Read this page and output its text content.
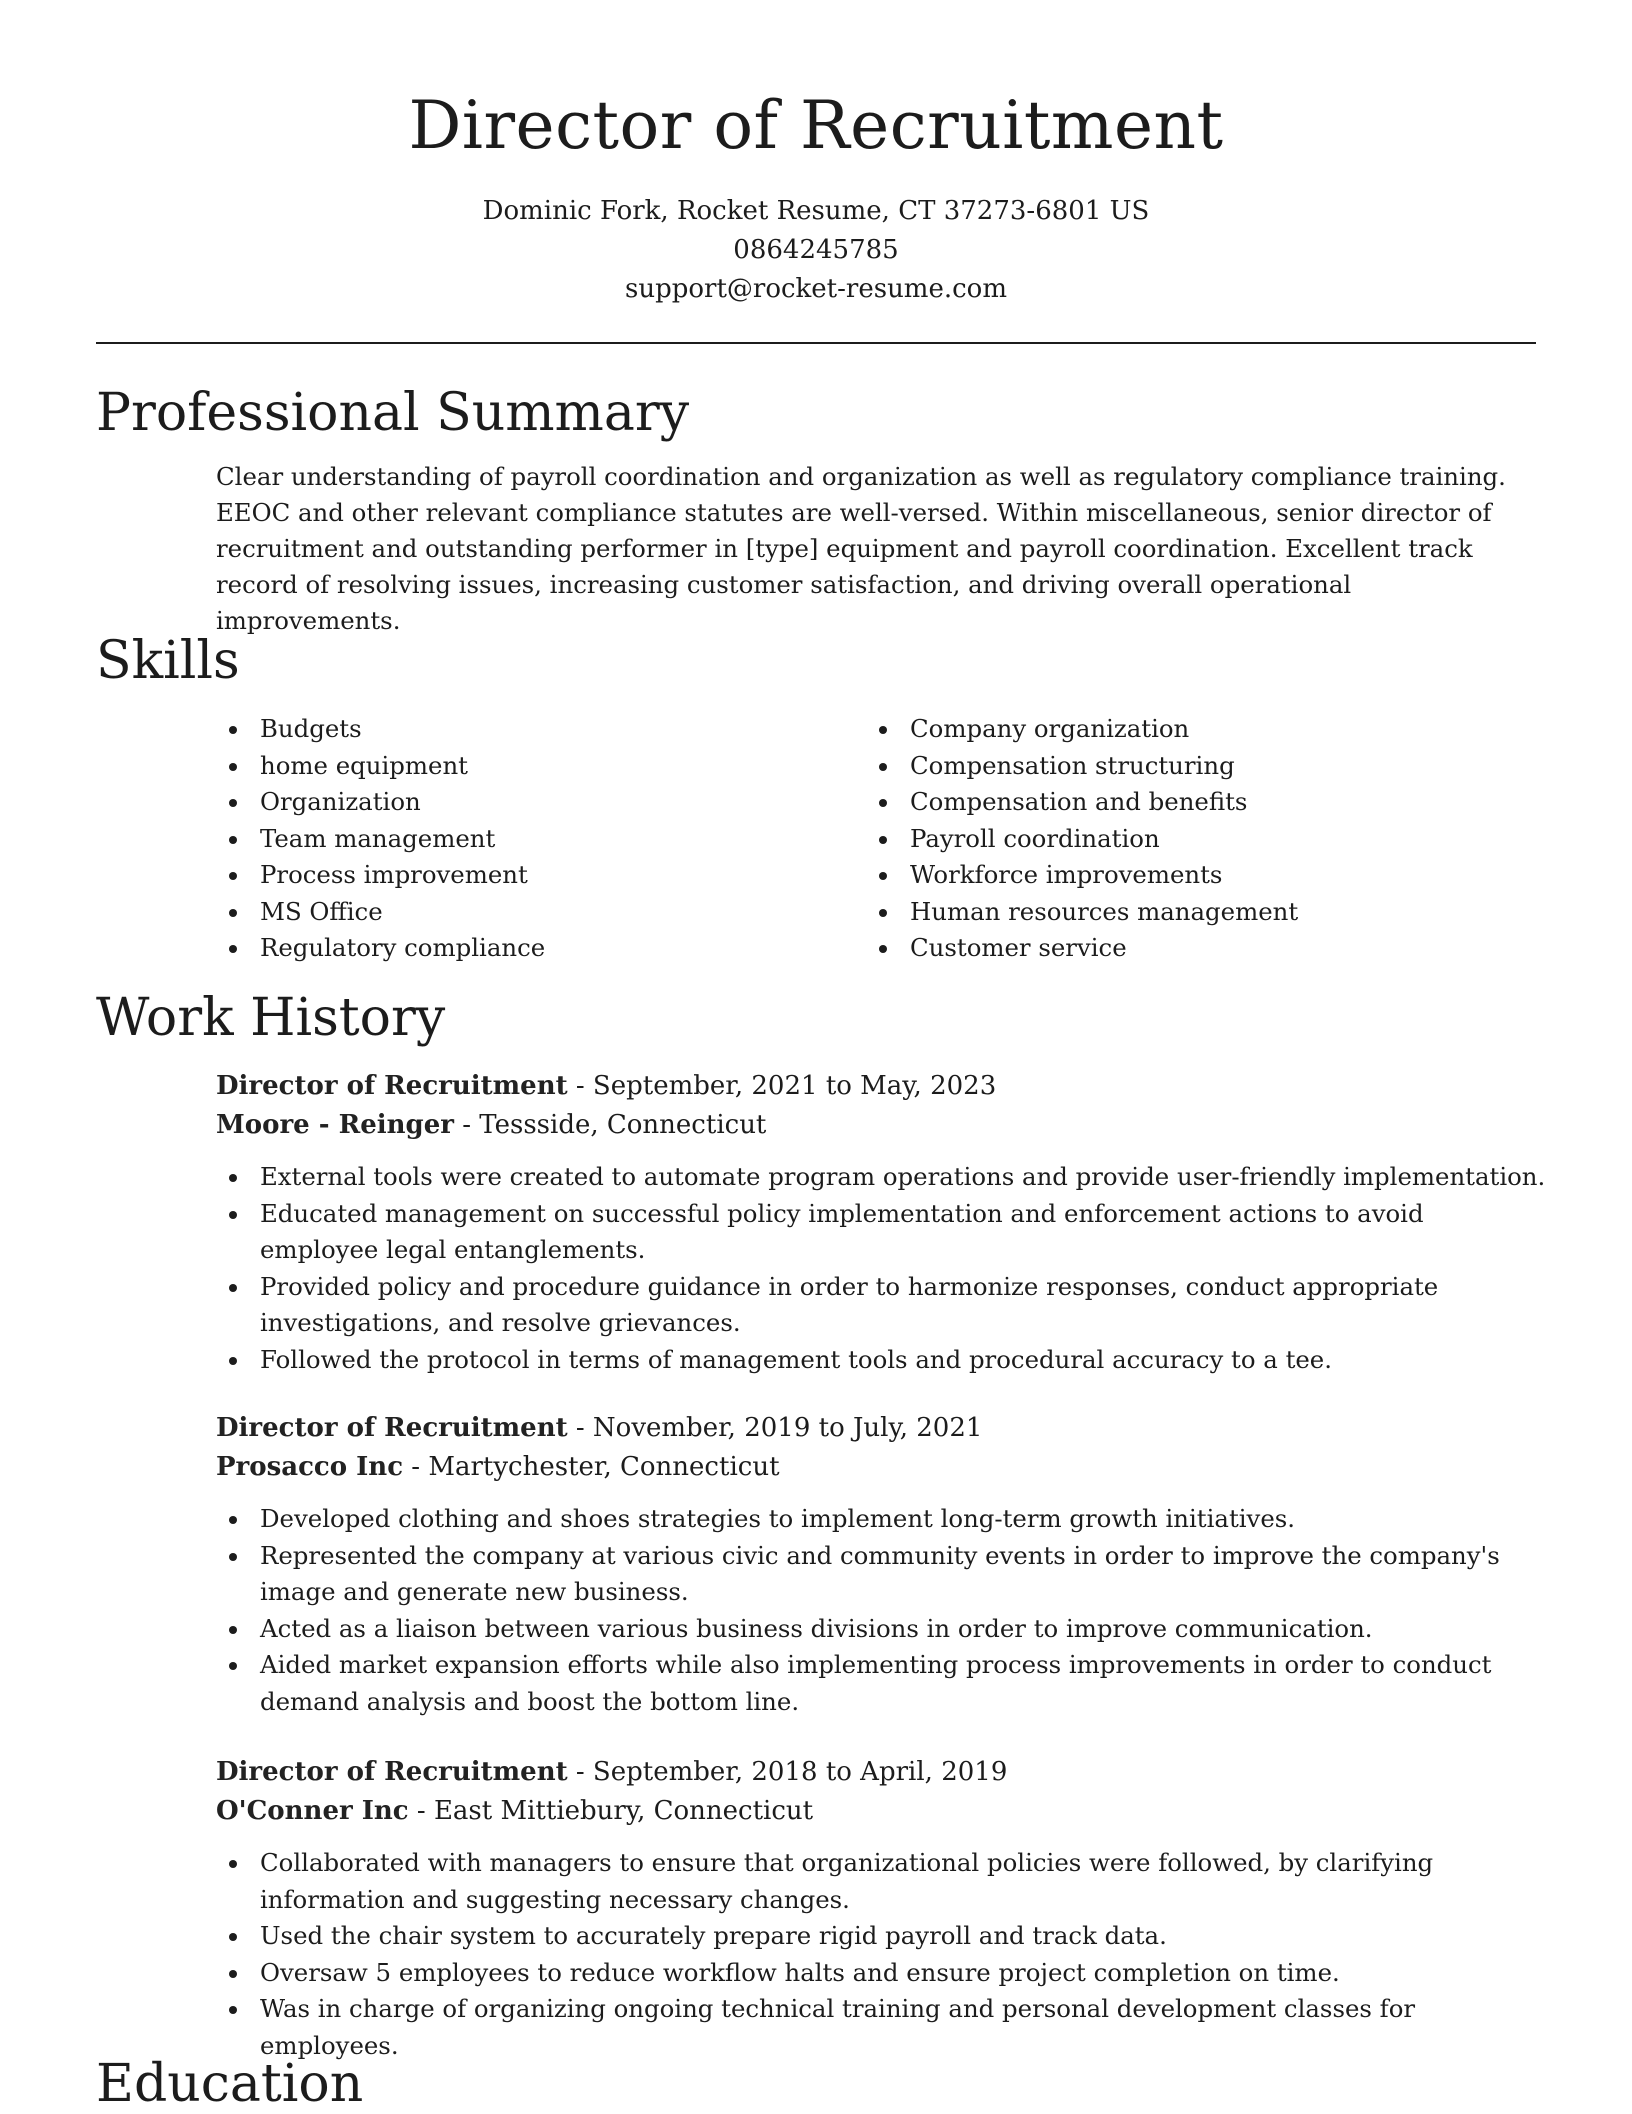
Director of Recruitment
Dominic Fork, Rocket Resume, CT 37273-6801 US
0864245785
support@rocket-resume.com
Professional Summary

Clear understanding of payroll coordination and organization as well as regulatory compliance training. EEOC and other relevant compliance statutes are well-versed. Within miscellaneous, senior director of recruitment and outstanding performer in [type] equipment and payroll coordination. Excellent track record of resolving issues, increasing customer satisfaction, and driving overall operational improvements.

Skills
Budgets
home equipment
Organization
Team management
Process improvement
MS Office
Regulatory compliance
Company organization
Compensation structuring
Compensation and benefits
Payroll coordination
Workforce improvements
Human resources management
Customer service
Work History
Director of Recruitment - September, 2021 to May, 2023
Moore - Reinger - Tessside, Connecticut
External tools were created to automate program operations and provide user-friendly implementation.
Educated management on successful policy implementation and enforcement actions to avoid employee legal entanglements.
Provided policy and procedure guidance in order to harmonize responses, conduct appropriate investigations, and resolve grievances.
Followed the protocol in terms of management tools and procedural accuracy to a tee.
Director of Recruitment - November, 2019 to July, 2021
Prosacco Inc - Martychester, Connecticut
Developed clothing and shoes strategies to implement long-term growth initiatives.
Represented the company at various civic and community events in order to improve the company's image and generate new business.
Acted as a liaison between various business divisions in order to improve communication.
Aided market expansion efforts while also implementing process improvements in order to conduct demand analysis and boost the bottom line.
Director of Recruitment - September, 2018 to April, 2019
O'Conner Inc - East Mittiebury, Connecticut
Collaborated with managers to ensure that organizational policies were followed, by clarifying information and suggesting necessary changes.
Used the chair system to accurately prepare rigid payroll and track data.
Oversaw 5 employees to reduce workflow halts and ensure project completion on time.
Was in charge of organizing ongoing technical training and personal development classes for employees.
Education
